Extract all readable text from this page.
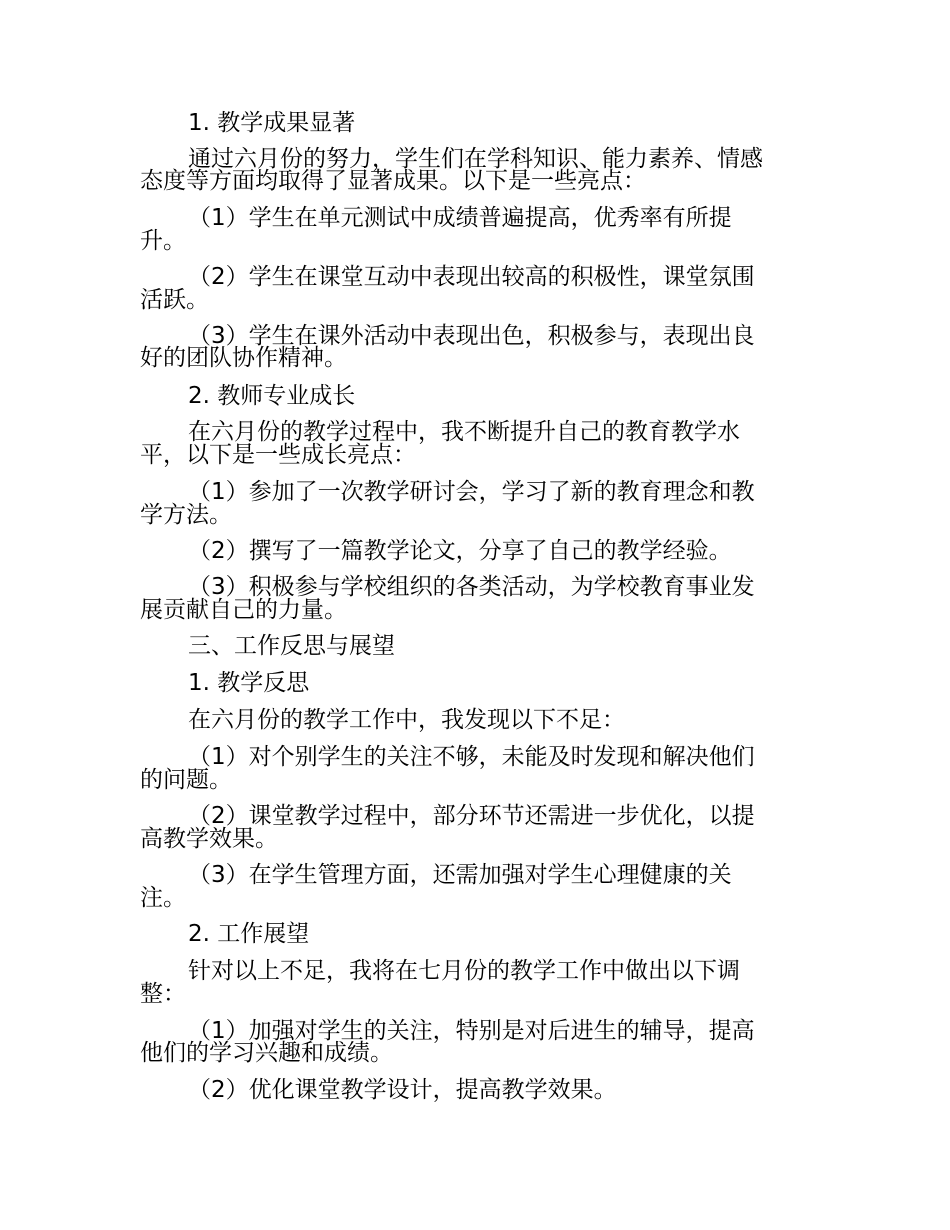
1. 教学成果显著
通过六月份的努力，学生们在学科知识、能力素养、情感
态度等方面均取得了显著成果。以下是一些亮点：
（1）学生在单元测试中成绩普遍提高，优秀率有所提
升。
（2）学生在课堂互动中表现出较高的积极性，课堂氛围
活跃。
（3）学生在课外活动中表现出色，积极参与，表现出良
好的团队协作精神。
2. 教师专业成长
在六月份的教学过程中，我不断提升自己的教育教学水
平，以下是一些成长亮点：
（1）参加了一次教学研讨会，学习了新的教育理念和教
学方法。
（2）撰写了一篇教学论文，分享了自己的教学经验。
（3）积极参与学校组织的各类活动，为学校教育事业发
展贡献自己的力量。
三、工作反思与展望
1. 教学反思
在六月份的教学工作中，我发现以下不足：
（1）对个别学生的关注不够，未能及时发现和解决他们
的问题。
（2）课堂教学过程中，部分环节还需进一步优化，以提
高教学效果。
（3）在学生管理方面，还需加强对学生心理健康的关
注。
2. 工作展望
针对以上不足，我将在七月份的教学工作中做出以下调
整：
（1）加强对学生的关注，特别是对后进生的辅导，提高
他们的学习兴趣和成绩。
（2）优化课堂教学设计，提高教学效果。
